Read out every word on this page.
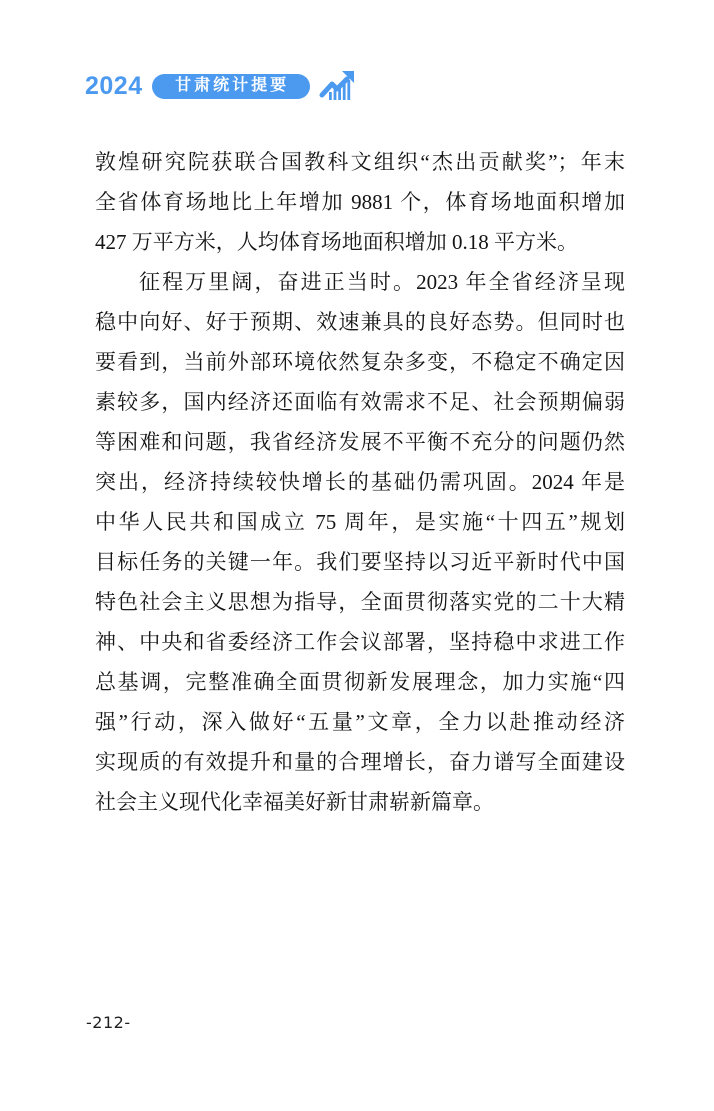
2024	甘肃统计提要
敦煌研究院获联合国教科文组织“杰出贡献奖”；年末
全省体育场地比上年增加 9881 个，体育场地面积增加
427 万平方米，人均体育场地面积增加 0.18 平方米。
征程万里阔，奋进正当时。2023 年全省经济呈现
稳中向好、好于预期、效速兼具的良好态势。但同时也
要看到，当前外部环境依然复杂多变，不稳定不确定因
素较多，国内经济还面临有效需求不足、社会预期偏弱
等困难和问题，我省经济发展不平衡不充分的问题仍然
突出，经济持续较快增长的基础仍需巩固。2024 年是
中华人民共和国成立 75 周年，是实施“十四五”规划
目标任务的关键一年。我们要坚持以习近平新时代中国
特色社会主义思想为指导，全面贯彻落实党的二十大精
神、中央和省委经济工作会议部署，坚持稳中求进工作
总基调，完整准确全面贯彻新发展理念，加力实施“四
强”行动，深入做好“五量”文章，全力以赴推动经济
实现质的有效提升和量的合理增长，奋力谱写全面建设
社会主义现代化幸福美好新甘肃崭新篇章。
-212-
